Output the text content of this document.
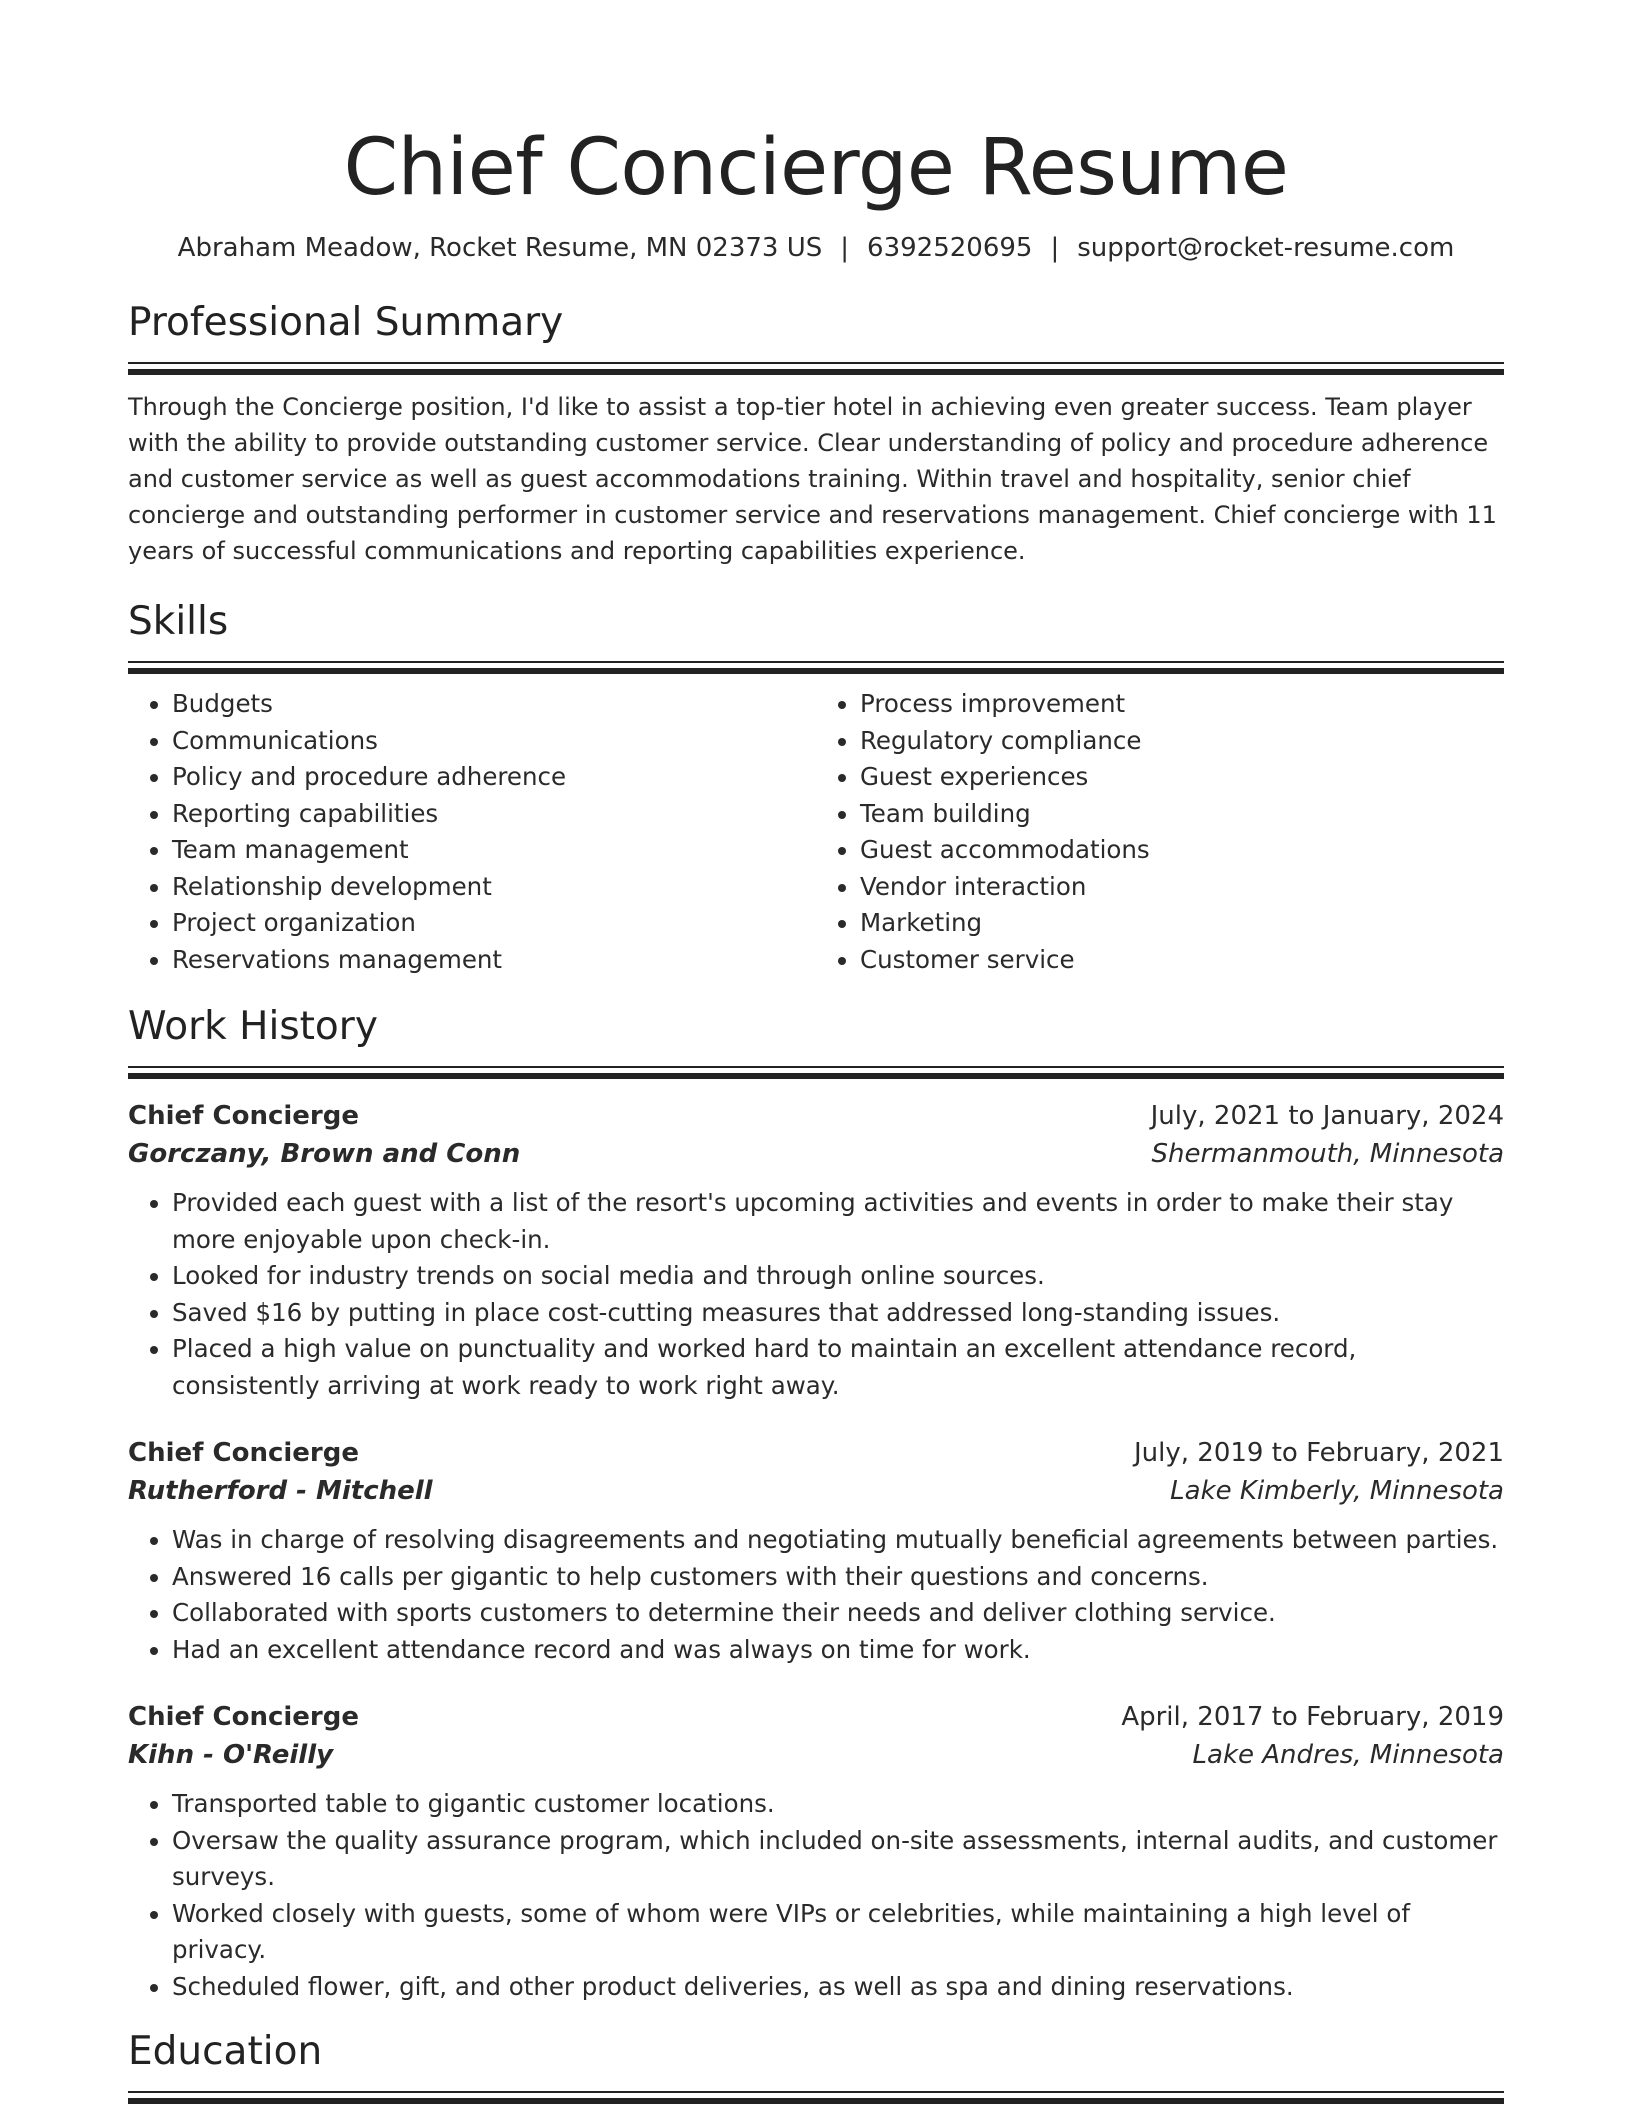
Chief Concierge Resume
Abraham Meadow, Rocket Resume, MN 02373 US | 6392520695 | support@rocket-resume.com
Professional Summary

Through the Concierge position, I'd like to assist a top-tier hotel in achieving even greater success. Team player with the ability to provide outstanding customer service. Clear understanding of policy and procedure adherence and customer service as well as guest accommodations training. Within travel and hospitality, senior chief concierge and outstanding performer in customer service and reservations management. Chief concierge with 11 years of successful communications and reporting capabilities experience.

Skills
• Budgets
• Communications
• Policy and procedure adherence
• Reporting capabilities
• Team management
• Relationship development
• Project organization
• Reservations management
• Process improvement
• Regulatory compliance
• Guest experiences
• Team building
• Guest accommodations
• Vendor interaction
• Marketing
• Customer service
Work History
Chief Concierge	July, 2021 to January, 2024
Gorczany, Brown and Conn	Shermanmouth, Minnesota
• Provided each guest with a list of the resort's upcoming activities and events in order to make their stay more enjoyable upon check-in.
• Looked for industry trends on social media and through online sources.
• Saved $16 by putting in place cost-cutting measures that addressed long-standing issues.
• Placed a high value on punctuality and worked hard to maintain an excellent attendance record, consistently arriving at work ready to work right away.
Chief Concierge	July, 2019 to February, 2021
Rutherford - Mitchell	Lake Kimberly, Minnesota
• Was in charge of resolving disagreements and negotiating mutually beneficial agreements between parties.
• Answered 16 calls per gigantic to help customers with their questions and concerns.
• Collaborated with sports customers to determine their needs and deliver clothing service.
• Had an excellent attendance record and was always on time for work.
Chief Concierge	April, 2017 to February, 2019
Kihn - O'Reilly	Lake Andres, Minnesota
• Transported table to gigantic customer locations.
• Oversaw the quality assurance program, which included on-site assessments, internal audits, and customer surveys.
• Worked closely with guests, some of whom were VIPs or celebrities, while maintaining a high level of privacy.
• Scheduled flower, gift, and other product deliveries, as well as spa and dining reservations.
Education
